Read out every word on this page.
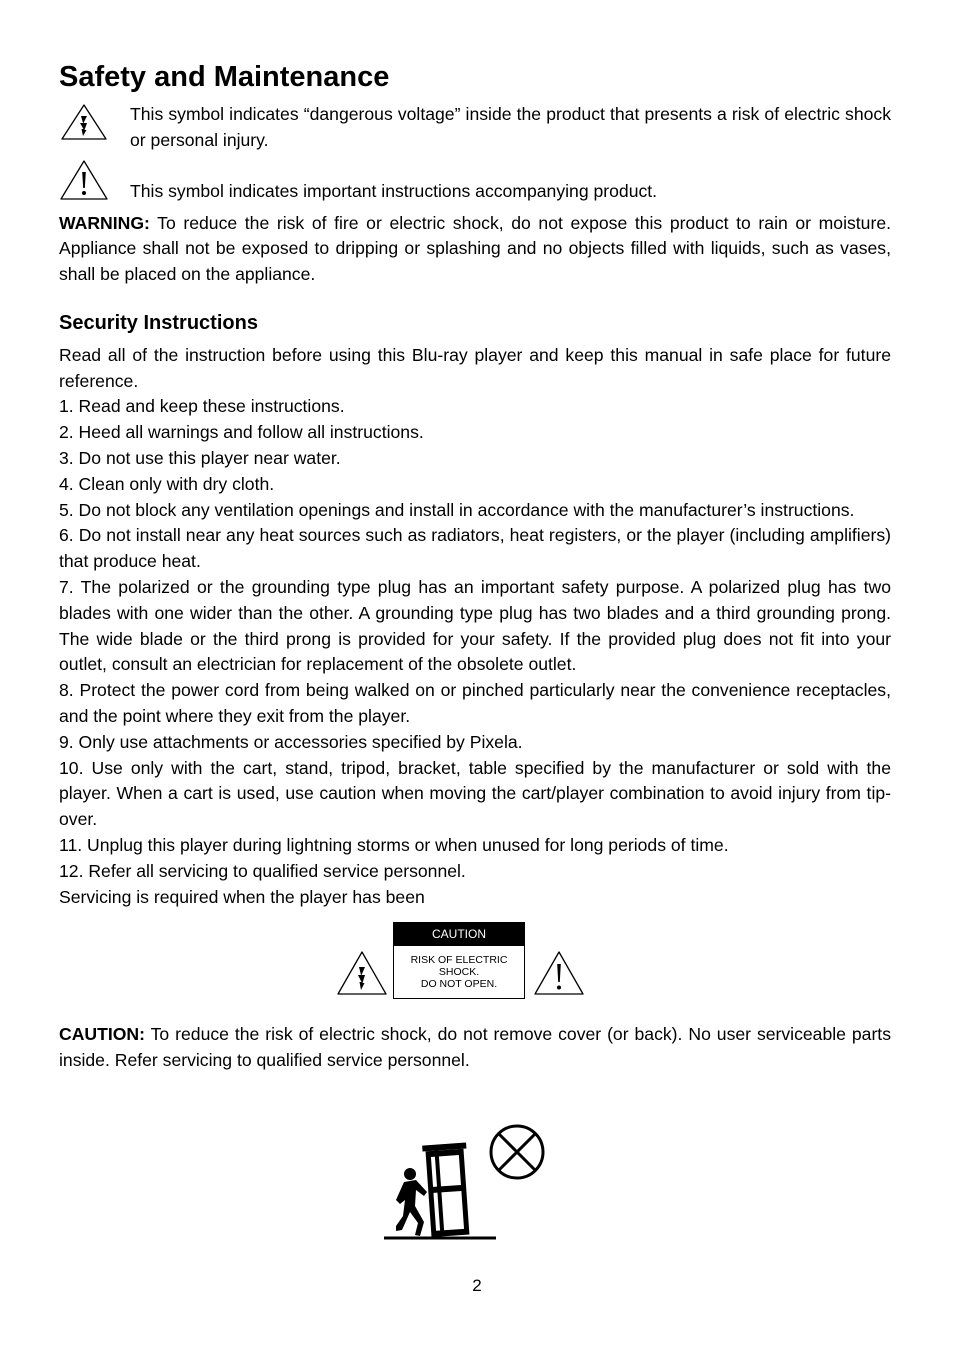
Safety and Maintenance
This symbol indicates “dangerous voltage” inside the product that presents a risk of electric shock or personal injury.
This symbol indicates important instructions accompanying product.

WARNING: To reduce the risk of fire or electric shock, do not expose this product to rain or moisture. Appliance shall not be exposed to dripping or splashing and no objects filled with liquids, such as vases, shall be placed on the appliance.

Security Instructions

Read all of the instruction before using this Blu-ray player and keep this manual in safe place for future reference.

1. Read and keep these instructions.

2. Heed all warnings and follow all instructions.

3. Do not use this player near water.

4. Clean only with dry cloth.

5. Do not block any ventilation openings and install in accordance with the manufacturer’s instructions.

6. Do not install near any heat sources such as radiators, heat registers, or the player (including amplifiers) that produce heat.

7. The polarized or the grounding type plug has an important safety purpose. A polarized plug has two blades with one wider than the other. A grounding type plug has two blades and a third grounding prong. The wide blade or the third prong is provided for your safety. If the provided plug does not fit into your outlet, consult an electrician for replacement of the obsolete outlet.

8. Protect the power cord from being walked on or pinched particularly near the convenience receptacles, and the point where they exit from the player.

9. Only use attachments or accessories specified by Pixela.

10. Use only with the cart, stand, tripod, bracket, table specified by the manufacturer or sold with the player. When a cart is used, use caution when moving the cart/player combination to avoid injury from tip-over.

11. Unplug this player during lightning storms or when unused for long periods of time.

12. Refer all servicing to qualified service personnel.

Servicing is required when the player has been

CAUTION
RISK OF ELECTRIC
SHOCK.
DO NOT OPEN.

CAUTION: To reduce the risk of electric shock, do not remove cover (or back). No user serviceable parts inside. Refer servicing to qualified service personnel.

2
